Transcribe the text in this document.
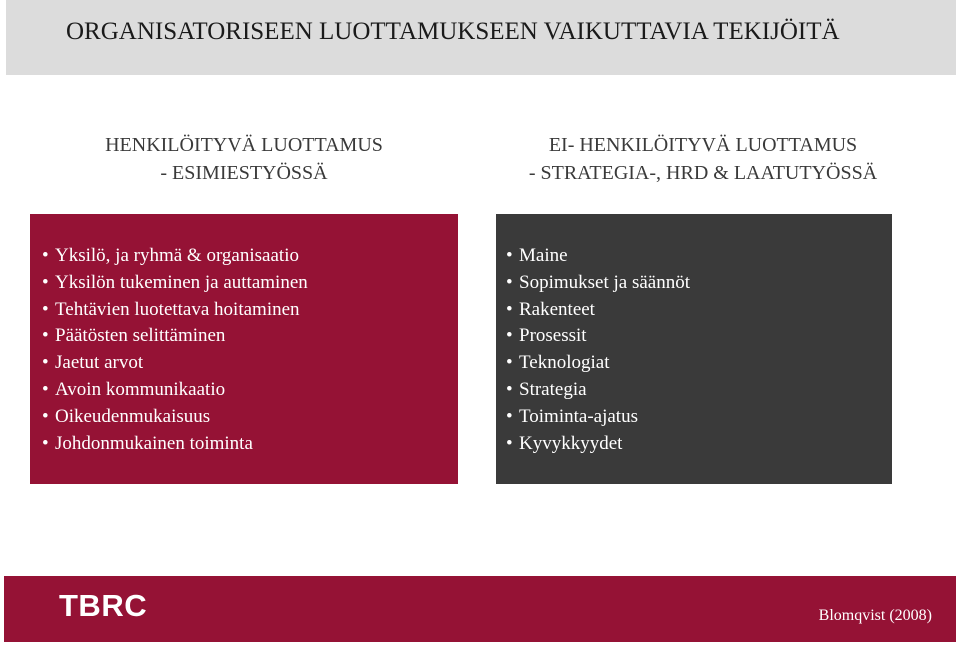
ORGANISATORISEEN LUOTTAMUKSEEN VAIKUTTAVIA TEKIJÖITÄ
HENKILÖITYVÄ LUOTTAMUS
- ESIMIESTYÖSSÄ
EI- HENKILÖITYVÄ LUOTTAMUS
- STRATEGIA-, HRD & LAATUTYÖSSÄ
• Yksilö, ja ryhmä & organisaatio
• Yksilön tukeminen ja auttaminen
• Tehtävien luotettava hoitaminen
• Päätösten selittäminen
• Jaetut arvot
• Avoin kommunikaatio
• Oikeudenmukaisuus
• Johdonmukainen toiminta
• Maine
• Sopimukset ja säännöt
• Rakenteet
• Prosessit
• Teknologiat
• Strategia
• Toiminta-ajatus
• Kyvykkyydet
TBRC	Blomqvist (2008)
